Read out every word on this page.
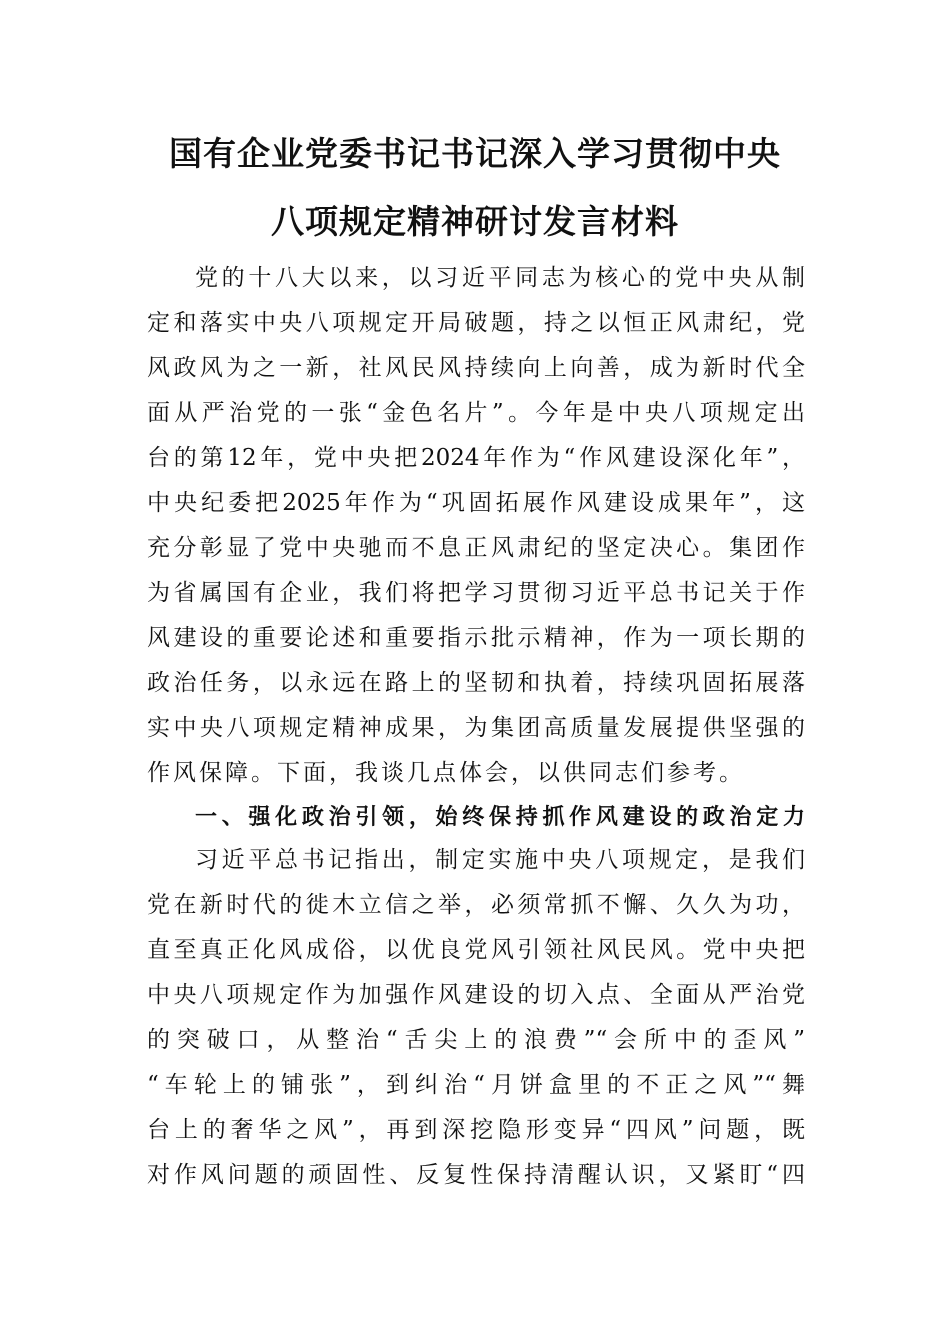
国有企业党委书记书记深入学习贯彻中央
八项规定精神研讨发言材料
党的十八大以来，以习近平同志为核心的党中央从制
定和落实中央八项规定开局破题，持之以恒正风肃纪，党
风政风为之一新，社风民风持续向上向善，成为新时代全
面从严治党的一张“金色名片”。今年是中央八项规定出
台的第12年，党中央把2024年作为“作风建设深化年”，
中央纪委把2025年作为“巩固拓展作风建设成果年”，这
充分彰显了党中央驰而不息正风肃纪的坚定决心。集团作
为省属国有企业，我们将把学习贯彻习近平总书记关于作
风建设的重要论述和重要指示批示精神，作为一项长期的
政治任务，以永远在路上的坚韧和执着，持续巩固拓展落
实中央八项规定精神成果，为集团高质量发展提供坚强的
作风保障。下面，我谈几点体会，以供同志们参考。
一、强化政治引领，始终保持抓作风建设的政治定力
习近平总书记指出，制定实施中央八项规定，是我们
党在新时代的徙木立信之举，必须常抓不懈、久久为功，
直至真正化风成俗，以优良党风引领社风民风。党中央把
中央八项规定作为加强作风建设的切入点、全面从严治党
的突破口，从整治“舌尖上的浪费”“会所中的歪风”
“车轮上的铺张”，到纠治“月饼盒里的不正之风”“舞
台上的奢华之风”，再到深挖隐形变异“四风”问题，既
对作风问题的顽固性、反复性保持清醒认识，又紧盯“四
